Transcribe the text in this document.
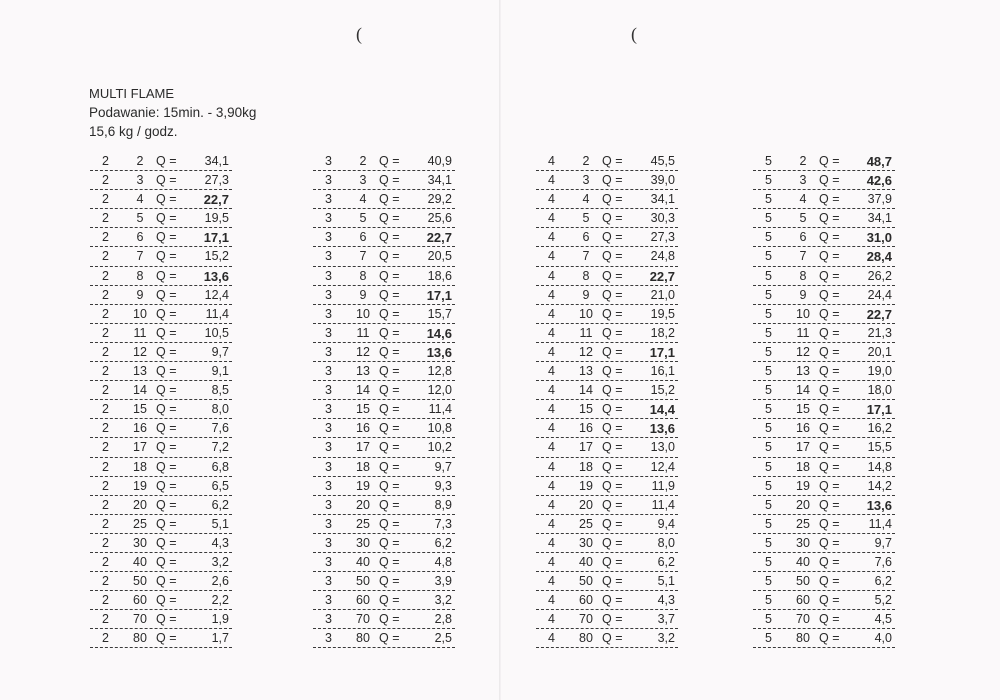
(	(
MULTI FLAME
Podawanie: 15min. - 3,90kg
15,6 kg / godz.
2	2	Q = 34,1
2	3	Q = 27,3
2	4	Q = 22,7
2	5	Q = 19,5
2	6	Q = 17,1
2	7	Q = 15,2
2	8	Q = 13,6
2	9	Q = 12,4
2 10 Q = 11,4
2 11 Q = 10,5
2 12 Q =	9,7
2 13 Q =	9,1
2 14 Q =	8,5
2 15 Q =	8,0
2 16 Q =	7,6
2 17 Q =	7,2
2 18 Q =	6,8
2 19 Q =	6,5
2 20 Q =	6,2
2 25 Q =	5,1
2 30 Q =	4,3
2 40 Q =	3,2
2 50 Q =	2,6
2 60 Q =	2,2
2 70 Q =	1,9
2 80 Q =	1,7
3	2	Q = 40,9
3	3	Q = 34,1
3	4	Q = 29,2
3	5	Q = 25,6
3	6	Q = 22,7
3	7	Q = 20,5
3	8	Q = 18,6
3	9	Q = 17,1
3 10 Q = 15,7
3 11 Q = 14,6
3 12 Q = 13,6
3 13 Q = 12,8
3 14 Q = 12,0
3 15 Q = 11,4
3 16 Q = 10,8
3 17 Q = 10,2
3 18 Q =	9,7
3 19 Q =	9,3
3 20 Q =	8,9
3 25 Q =	7,3
3 30 Q =	6,2
3 40 Q =	4,8
3 50 Q =	3,9
3 60 Q =	3,2
3 70 Q =	2,8
3 80 Q =	2,5
4	2	Q = 45,5
4	3	Q = 39,0
4	4	Q = 34,1
4	5	Q = 30,3
4	6	Q = 27,3
4	7	Q = 24,8
4	8	Q = 22,7
4	9	Q = 21,0
4 10 Q = 19,5
4 11 Q = 18,2
4 12 Q = 17,1
4 13 Q = 16,1
4 14 Q = 15,2
4 15 Q = 14,4
4 16 Q = 13,6
4 17 Q = 13,0
4 18 Q = 12,4
4 19 Q = 11,9
4 20 Q = 11,4
4 25 Q =	9,4
4 30 Q =	8,0
4 40 Q =	6,2
4 50 Q =	5,1
4 60 Q =	4,3
4 70 Q =	3,7
4 80 Q =	3,2
5	2	Q = 48,7
5	3	Q = 42,6
5	4	Q = 37,9
5	5	Q = 34,1
5	6	Q = 31,0
5	7	Q = 28,4
5	8	Q = 26,2
5	9	Q = 24,4
5 10 Q = 22,7
5 11 Q = 21,3
5 12 Q = 20,1
5 13 Q = 19,0
5 14 Q = 18,0
5 15 Q = 17,1
5 16 Q = 16,2
5 17 Q = 15,5
5 18 Q = 14,8
5 19 Q = 14,2
5 20 Q = 13,6
5 25 Q = 11,4
5 30 Q =	9,7
5 40 Q =	7,6
5 50 Q =	6,2
5 60 Q =	5,2
5 70 Q =	4,5
5 80 Q =	4,0
